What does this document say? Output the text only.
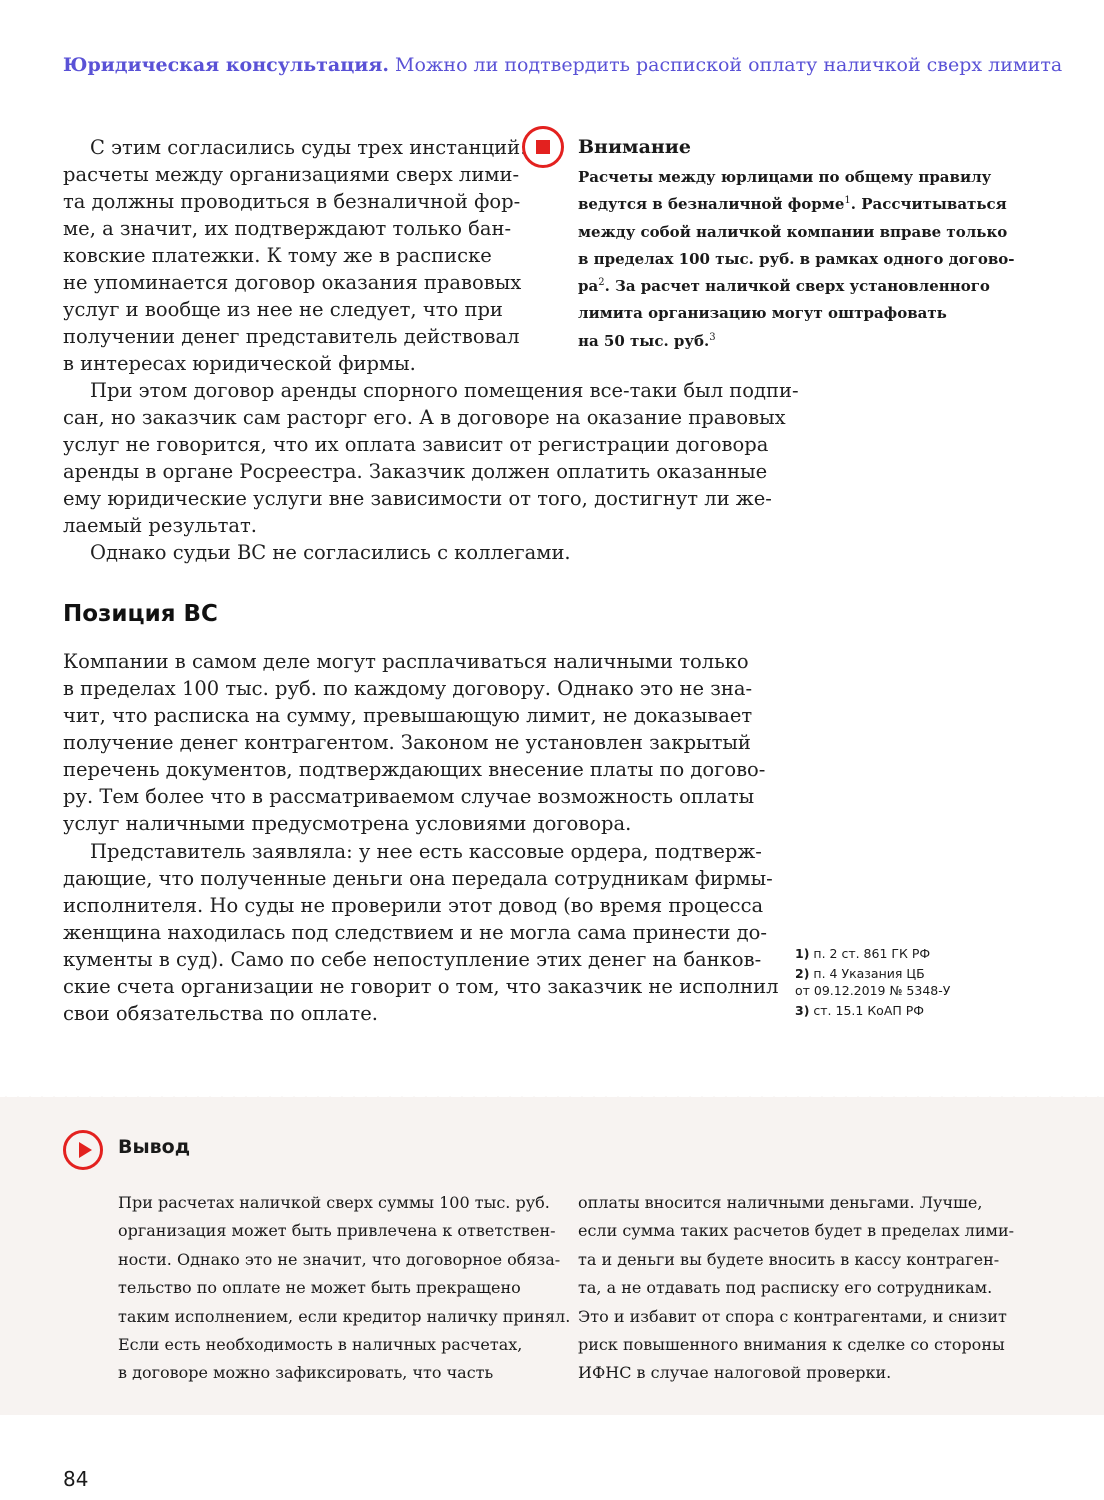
Юридическая консультация. Можно ли подтвердить распиской оплату наличкой сверх лимита
С этим согласились суды трех инстанций:
расчеты между организациями сверх лими-
та должны проводиться в безналичной фор-
ме, а значит, их подтверждают только бан-
ковские платежки. К тому же в расписке
не упоминается договор оказания правовых
услуг и вообще из нее не следует, что при
получении денег представитель действовал
в интересах юридической фирмы.
Внимание
Расчеты между юрлицами по общему правилу
ведутся в безналичной форме$^1$. Рассчитываться
между собой наличкой компании вправе только
в пределах 100 тыс. руб. в рамках одного догово-
$ра^2$. За расчет наличкой сверх установленного
лимита организацию могут оштрафовать
на 50 тыс. руб.$^3$
При этом договор аренды спорного помещения все-таки был подпи-
сан, но заказчик сам расторг его. А в договоре на оказание правовых
услуг не говорится, что их оплата зависит от регистрации договора
аренды в органе Росреестра. Заказчик должен оплатить оказанные
ему юридические услуги вне зависимости от того, достигнут ли же-
лаемый результат.
Однако судьи ВС не согласились с коллегами.
Позиция ВС
Компании в самом деле могут расплачиваться наличными только
в пределах 100 тыс. руб. по каждому договору. Однако это не зна-
чит, что расписка на сумму, превышающую лимит, не доказывает
получение денег контрагентом. Законом не установлен закрытый
перечень документов, подтверждающих внесение платы по догово-
ру. Тем более что в рассматриваемом случае возможность оплаты
услуг наличными предусмотрена условиями договора.
Представитель заявляла: у нее есть кассовые ордера, подтверж-
дающие, что полученные деньги она передала сотрудникам фирмы-
исполнителя. Но суды не проверили этот довод (во время процесса
женщина находилась под следствием и не могла сама принести до-
кументы в суд). Само по себе непоступление этих денег на банков-
ские счета организации не говорит о том, что заказчик не исполнил
свои обязательства по оплате.
1) п. 2 ст. 861 ГК РФ
2) п. 4 Указания ЦБ
от 09.12.2019 № 5348-У
3) ст. 15.1 КоАП РФ
Вывод
При расчетах наличкой сверх суммы 100 тыс. руб.
организация может быть привлечена к ответствен-
ности. Однако это не значит, что договорное обяза-
тельство по оплате не может быть прекращено
таким исполнением, если кредитор наличку принял.
Если есть необходимость в наличных расчетах,
в договоре можно зафиксировать, что часть
оплаты вносится наличными деньгами. Лучше,
если сумма таких расчетов будет в пределах лими-
та и деньги вы будете вносить в кассу контраген-
та, а не отдавать под расписку его сотрудникам.
Это и избавит от спора с контрагентами, и снизит
риск повышенного внимания к сделке со стороны
ИФНС в случае налоговой проверки.
84
